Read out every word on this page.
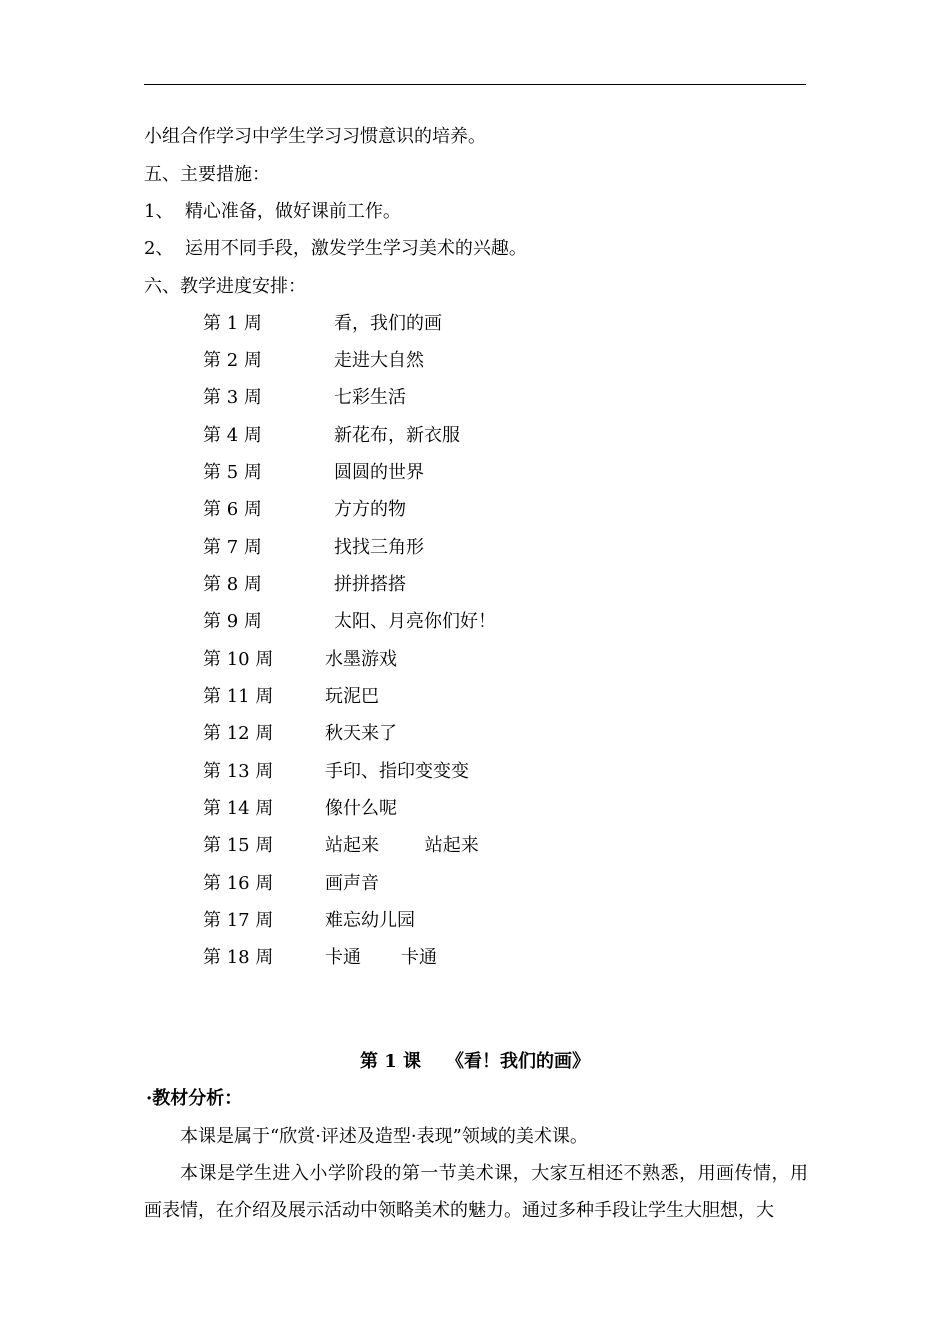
小组合作学习中学生学习习惯意识的培养。
五、主要措施：
1、  精心准备，做好课前工作。
2、  运用不同手段，激发学生学习美术的兴趣。
六、教学进度安排：
第 1 周	看，我们的画
第 2 周	走进大自然
第 3 周	七彩生活
第 4 周	新花布，新衣服
第 5 周	圆圆的世界
第 6 周	方方的物
第 7 周	找找三角形
第 8 周	拼拼搭搭
第 9 周	太阳、月亮你们好！
第 10 周	水墨游戏
第 11 周	玩泥巴
第 12 周	秋天来了
第 13 周	手印、指印变变变
第 14 周	像什么呢
第 15 周	站起来        站起来
第 16 周	画声音
第 17 周	难忘幼儿园
第 18 周	卡通       卡通
第 1 课    《看！我们的画》
·教材分析：
本课是属于“欣赏·评述及造型·表现”领域的美术课。
本课是学生进入小学阶段的第一节美术课，大家互相还不熟悉，用画传情，用画表情，在介绍及展示活动中领略美术的魅力。通过多种手段让学生大胆想，大
